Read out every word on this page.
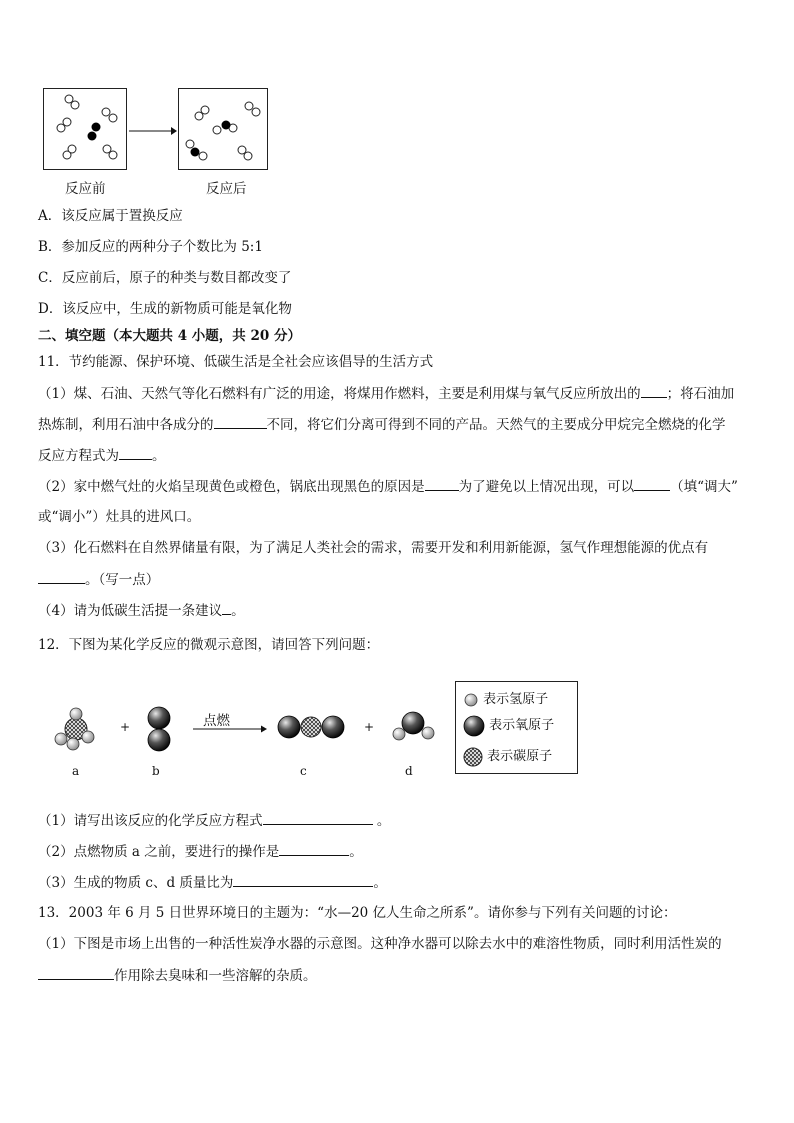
反应前	反应后
A．该反应属于置换反应
B．参加反应的两种分子个数比为 5:1
C．反应前后，原子的种类与数目都改变了
D．该反应中，生成的新物质可能是氧化物
二、填空题（本大题共 4 小题，共 20 分）
11．节约能源、保护环境、低碳生活是全社会应该倡导的生活方式
（1）煤、石油、天然气等化石燃料有广泛的用途，将煤用作燃料，主要是利用煤与氧气反应所放出的 ；将石油加
热炼制，利用石油中各成分的	不同，将它们分离可得到不同的产品。天然气的主要成分甲烷完全燃烧的化学
反应方程式为 。
（2）家中燃气灶的火焰呈现黄色或橙色，锅底出现黑色的原因是	为了避免以上情况出现，可以	（填“调大”
或“调小”）灶具的进风口。
（3）化石燃料在自然界储量有限，为了满足人类社会的需求，需要开发和利用新能源，氢气作理想能源的优点有
。（写一点）
（4）请为低碳生活提一条建议 。
12．下图为某化学反应的微观示意图，请回答下列问题：
+	点燃	+
a	b	c	d
表示氢原子
表示氧原子
表示碳原子
（1）请写出该反应的化学反应方程式	。
（2）点燃物质 a 之前，要进行的操作是	。
（3）生成的物质 c、d 质量比为	。
13．2003 年 6 月 5 日世界环境日的主题为：“水—20 亿人生命之所系”。请你参与下列有关问题的讨论：
（1）下图是市场上出售的一种活性炭净水器的示意图。这种净水器可以除去水中的难溶性物质，同时利用活性炭的
作用除去臭味和一些溶解的杂质。
